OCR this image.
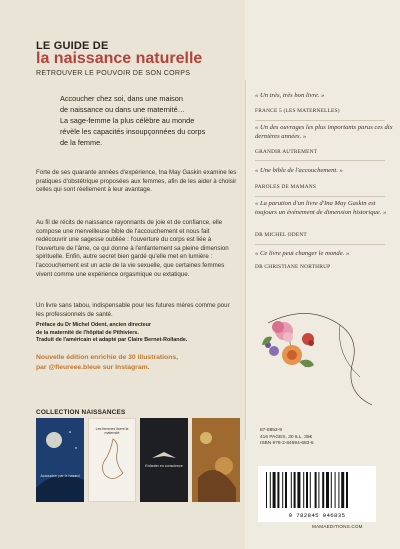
LE GUIDE DE
la naissance naturelle
RETROUVER LE POUVOIR DE SON CORPS
Accoucher chez soi, dans une maison
de naissance ou dans une maternité…
La sage-femme la plus célèbre au monde
révèle les capacités insoupçonnées du corps
de la femme.
Forte de ses quarante années d'expérience, Ina May Gaskin examine les pratiques d'obstétrique proposées aux femmes, afin de les aider à choisir celles qui sont réellement à leur avantage.
Au fil de récits de naissance rayonnants de joie et de confiance, elle compose une merveilleuse bible de l'accouchement et nous fait redécouvrir une sagesse oubliée : l'ouverture du corps est liée à l'ouverture de l'âme, ce qui donne à l'enfantement sa pleine dimension spirituelle. Enfin, autre secret bien gardé qu'elle met en lumière : l'accouchement est un acte de la vie sexuelle, que certaines femmes vivent comme une expérience orgasmique ou extatique.
Un livre sans tabou, indispensable pour les futures mères comme pour les professionnels de santé.
Préface du Dr Michel Odent, ancien directeur
de la maternité de l'hôpital de Pithiviers.
Traduit de l'américain et adapté par Claire Bernet-Rollande.
Nouvelle édition enrichie de 30 illustrations,
par @fleureee.bleue sur Instagram.
COLLECTION NAISSANCES
Accoucher par le hasard
Les femmes lisent la maternité
Enfanter en conscience
« Un très, très bon livre. »
FRANCE 5 (LES MATERNELLES)
« Un des ouvrages les plus importants parus ces dix dernières années. »
GRANDIR AUTREMENT
« Une bible de l'accouchement. »
PAROLES DE MAMANS
« La parution d'un livre d'Ina May Gaskin est toujours un événement de dimension historique. »
DR MICHEL ODENT
« Ce livre peut changer le monde. »
DR CHRISTIANE NORTHRUP
87-8853-9
416 PAGES, 30 ILL. 35€
ISBN 978-2-84594-683-5
9 782845 946835
MAMAEDITIONS.COM
